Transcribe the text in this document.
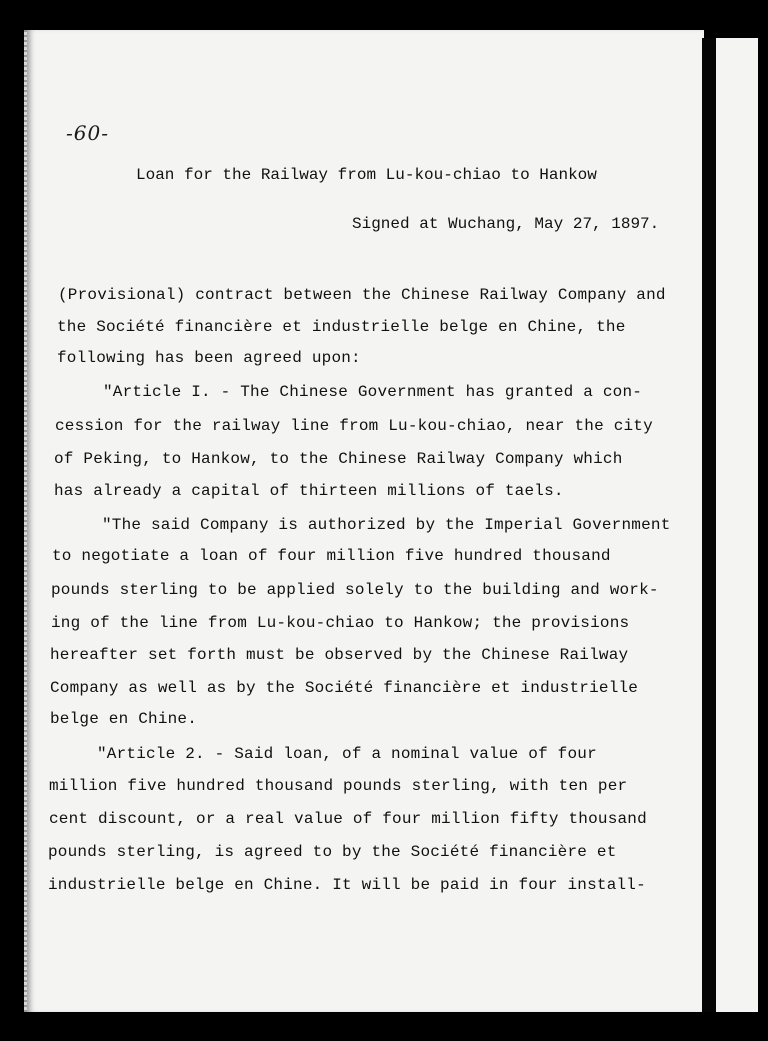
-60-
Loan for the Railway from Lu-kou-chiao to Hankow
Signed at Wuchang, May 27, 1897.
(Provisional) contract between the Chinese Railway Company and
the Société financière et industrielle belge en Chine, the
following has been agreed upon:
"Article I. - The Chinese Government has granted a con-
cession for the railway line from Lu-kou-chiao, near the city
of Peking, to Hankow, to the Chinese Railway Company which
has already a capital of thirteen millions of taels.
"The said Company is authorized by the Imperial Government
to negotiate a loan of four million five hundred thousand
pounds sterling to be applied solely to the building and work-
ing of the line from Lu-kou-chiao to Hankow; the provisions
hereafter set forth must be observed by the Chinese Railway
Company as well as by the Société financière et industrielle
belge en Chine.
"Article 2. - Said loan, of a nominal value of four
million five hundred thousand pounds sterling, with ten per
cent discount, or a real value of four million fifty thousand
pounds sterling, is agreed to by the Société financière et
industrielle belge en Chine. It will be paid in four install-
